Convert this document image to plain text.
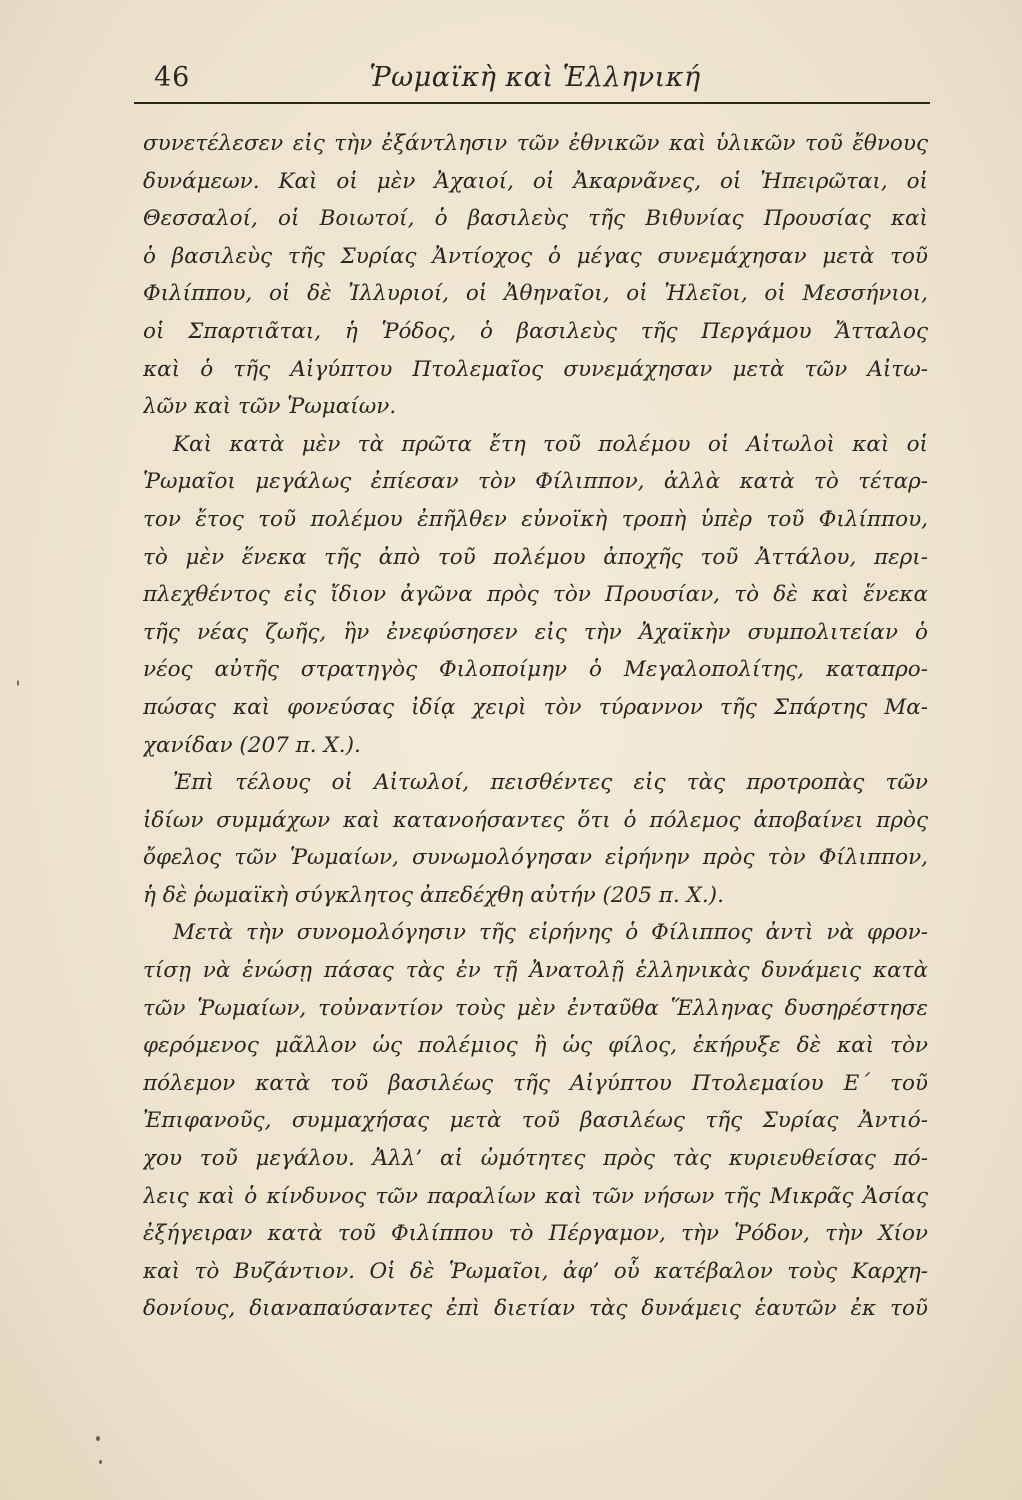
46	Ῥωμαϊκὴ καὶ Ἑλληνική
συνετέλεσεν εἰς τὴν ἐξάντλησιν τῶν ἐθνικῶν καὶ ὑλικῶν τοῦ ἔθνους
δυνάμεων. Καὶ οἱ μὲν Ἀχαιοί, οἱ Ἀκαρνᾶνες, οἱ Ἠπειρῶται, οἱ
Θεσσαλοί, οἱ Βοιωτοί, ὁ βασιλεὺς τῆς Βιθυνίας Προυσίας καὶ
ὁ βασιλεὺς τῆς Συρίας Ἀντίοχος ὁ μέγας συνεμάχησαν μετὰ τοῦ
Φιλίππου, οἱ δὲ Ἰλλυριοί, οἱ Ἀθηναῖοι, οἱ Ἠλεῖοι, οἱ Μεσσήνιοι,
οἱ Σπαρτιᾶται, ἡ Ῥόδος, ὁ βασιλεὺς τῆς Περγάμου Ἄτταλος
καὶ ὁ τῆς Αἰγύπτου Πτολεμαῖος συνεμάχησαν μετὰ τῶν Αἰτω-
λῶν καὶ τῶν Ῥωμαίων.
Καὶ κατὰ μὲν τὰ πρῶτα ἔτη τοῦ πολέμου οἱ Αἰτωλοὶ καὶ οἱ
Ῥωμαῖοι μεγάλως ἐπίεσαν τὸν Φίλιππον, ἀλλὰ κατὰ τὸ τέταρ-
τον ἔτος τοῦ πολέμου ἐπῆλθεν εὐνοϊκὴ τροπὴ ὑπὲρ τοῦ Φιλίππου,
τὸ μὲν ἕνεκα τῆς ἀπὸ τοῦ πολέμου ἀποχῆς τοῦ Ἀττάλου, περι-
πλεχθέντος εἰς ἴδιον ἀγῶνα πρὸς τὸν Προυσίαν, τὸ δὲ καὶ ἕνεκα
τῆς νέας ζωῆς, ἣν ἐνεφύσησεν εἰς τὴν Ἀχαϊκὴν συμπολιτείαν ὁ
νέος αὐτῆς στρατηγὸς Φιλοποίμην ὁ Μεγαλοπολίτης, καταπρο-
πώσας καὶ φονεύσας ἰδίᾳ χειρὶ τὸν τύραννον τῆς Σπάρτης Μα-
χανίδαν (207 π. Χ.).
Ἐπὶ τέλους οἱ Αἰτωλοί, πεισθέντες εἰς τὰς προτροπὰς τῶν
ἰδίων συμμάχων καὶ κατανοήσαντες ὅτι ὁ πόλεμος ἀποβαίνει πρὸς
ὄφελος τῶν Ῥωμαίων, συνωμολόγησαν εἰρήνην πρὸς τὸν Φίλιππον,
ἡ δὲ ῥωμαϊκὴ σύγκλητος ἀπεδέχθη αὐτήν (205 π. Χ.).
Μετὰ τὴν συνομολόγησιν τῆς εἰρήνης ὁ Φίλιππος ἀντὶ νὰ φρον-
τίσῃ νὰ ἑνώσῃ πάσας τὰς ἐν τῇ Ἀνατολῇ ἑλληνικὰς δυνάμεις κατὰ
τῶν Ῥωμαίων, τοὐναντίον τοὺς μὲν ἐνταῦθα Ἕλληνας δυσηρέστησε
φερόμενος μᾶλλον ὡς πολέμιος ἢ ὡς φίλος, ἐκήρυξε δὲ καὶ τὸν
πόλεμον κατὰ τοῦ βασιλέως τῆς Αἰγύπτου Πτολεμαίου Ε΄ τοῦ
Ἐπιφανοῦς, συμμαχήσας μετὰ τοῦ βασιλέως τῆς Συρίας Ἀντιό-
χου τοῦ μεγάλου. Ἀλλ’ αἱ ὠμότητες πρὸς τὰς κυριευθείσας πό-
λεις καὶ ὁ κίνδυνος τῶν παραλίων καὶ τῶν νήσων τῆς Μικρᾶς Ἀσίας
ἐξήγειραν κατὰ τοῦ Φιλίππου τὸ Πέργαμον, τὴν Ῥόδον, τὴν Χίον
καὶ τὸ Βυζάντιον. Οἱ δὲ Ῥωμαῖοι, ἀφ’ οὗ κατέβαλον τοὺς Καρχη-
δονίους, διαναπαύσαντες ἐπὶ διετίαν τὰς δυνάμεις ἑαυτῶν ἐκ τοῦ
